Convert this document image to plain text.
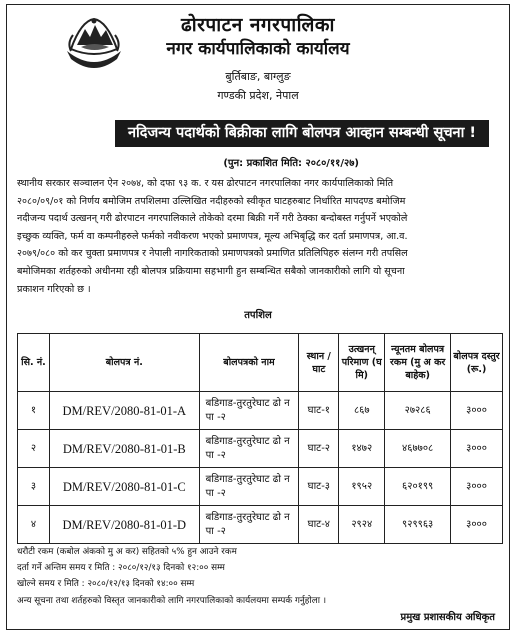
ढोरपाटन नगरपालिका
नगर कार्यपालिकाको कार्यालय
बुर्तिबाङ, बाग्लुङ
गण्डकी प्रदेश, नेपाल
नदिजन्य पदार्थको बिक्रीका लागि बोलपत्र आव्हान सम्बन्धी सूचना !
(पुन: प्रकाशित मिति: २०८०/११/२७)
स्थानीय सरकार सञ्चालन ऐन २०७४, को दफा ९३ क. र यस ढोरपाटन नगरपालिका नगर कार्यपालिकाको मिति
२०८०/०९/०१ को निर्णय बमोजिम तपशिलमा उल्लिखित नदीहरुको स्वीकृत घाटहरुबाट निर्धारित मापदण्ड बमोजिम
नदीजन्य पदार्थ उत्खनन् गरी ढोरपाटन नगरपालिकाले तोकेको दरमा बिक्री गर्ने गरी ठेक्का बन्दोबस्त गर्नुपर्ने भएकोले
इच्छुक व्यक्ति, फर्म वा कम्पनीहरुले फर्मको नवीकरण भएको प्रमाणपत्र, मूल्य अभिबृद्धि कर दर्ता प्रमाणपत्र, आ.व.
२०७९/०८० को कर चुक्ता प्रमाणपत्र र नेपाली नागरिकताको प्रमाणपत्रको प्रमाणित प्रतिलिपिहरु संलग्न गरी तपसिल
बमोजिमका शर्तहरुको अधीनमा रही बोलपत्र प्रक्रियामा सहभागी हुन सम्बन्धित सबैको जानकारीको लागि यो सूचना
प्रकाशन गरिएको छ ।
तपशिल
सि. नं.	बोलपत्र नं.	बोलपत्रको नाम	स्थान / घाट	उत्खनन् परिमाण (घ मि)	न्यूनतम बोलपत्र रकम (मु अ कर बाहेक)	बोलपत्र दस्तुर (रू.)
१	DM/REV/2080-81-01-A	बडिगाड-तुरतुरेघाट ढो न पा -२	घाट-१	८६७	२७२८६	३०००
२	DM/REV/2080-81-01-B	बडिगाड-तुरतुरेघाट ढो न पा -२	घाट-२	१४७२	४६७७०८	३०००
३	DM/REV/2080-81-01-C	बडिगाड-तुरतुरेघाट ढो न पा -२	घाट-३	१९५२	६२०१९९	३०००
४	DM/REV/2080-81-01-D	बडिगाड-तुरतुरेघाट ढो न पा -२	घाट-४	२९२४	९२९९६३	३०००
धरौटी रकम (कबोल अंकको मु अ कर) सहितको ५% हुन आउने रकम
दर्ता गर्ने अन्तिम समय र मिति : २०८०/१२/१३ दिनको १२:०० सम्म
खोल्ने समय र मिति : २०८०/१२/१३ दिनको १४:०० सम्म
अन्य सूचना तथा शर्तहरुको विस्तृत जानकारीको लागि नगरपालिकाको कार्यलयमा सम्पर्क गर्नुहोला ।
प्रमुख प्रशासकीय अधिकृत
